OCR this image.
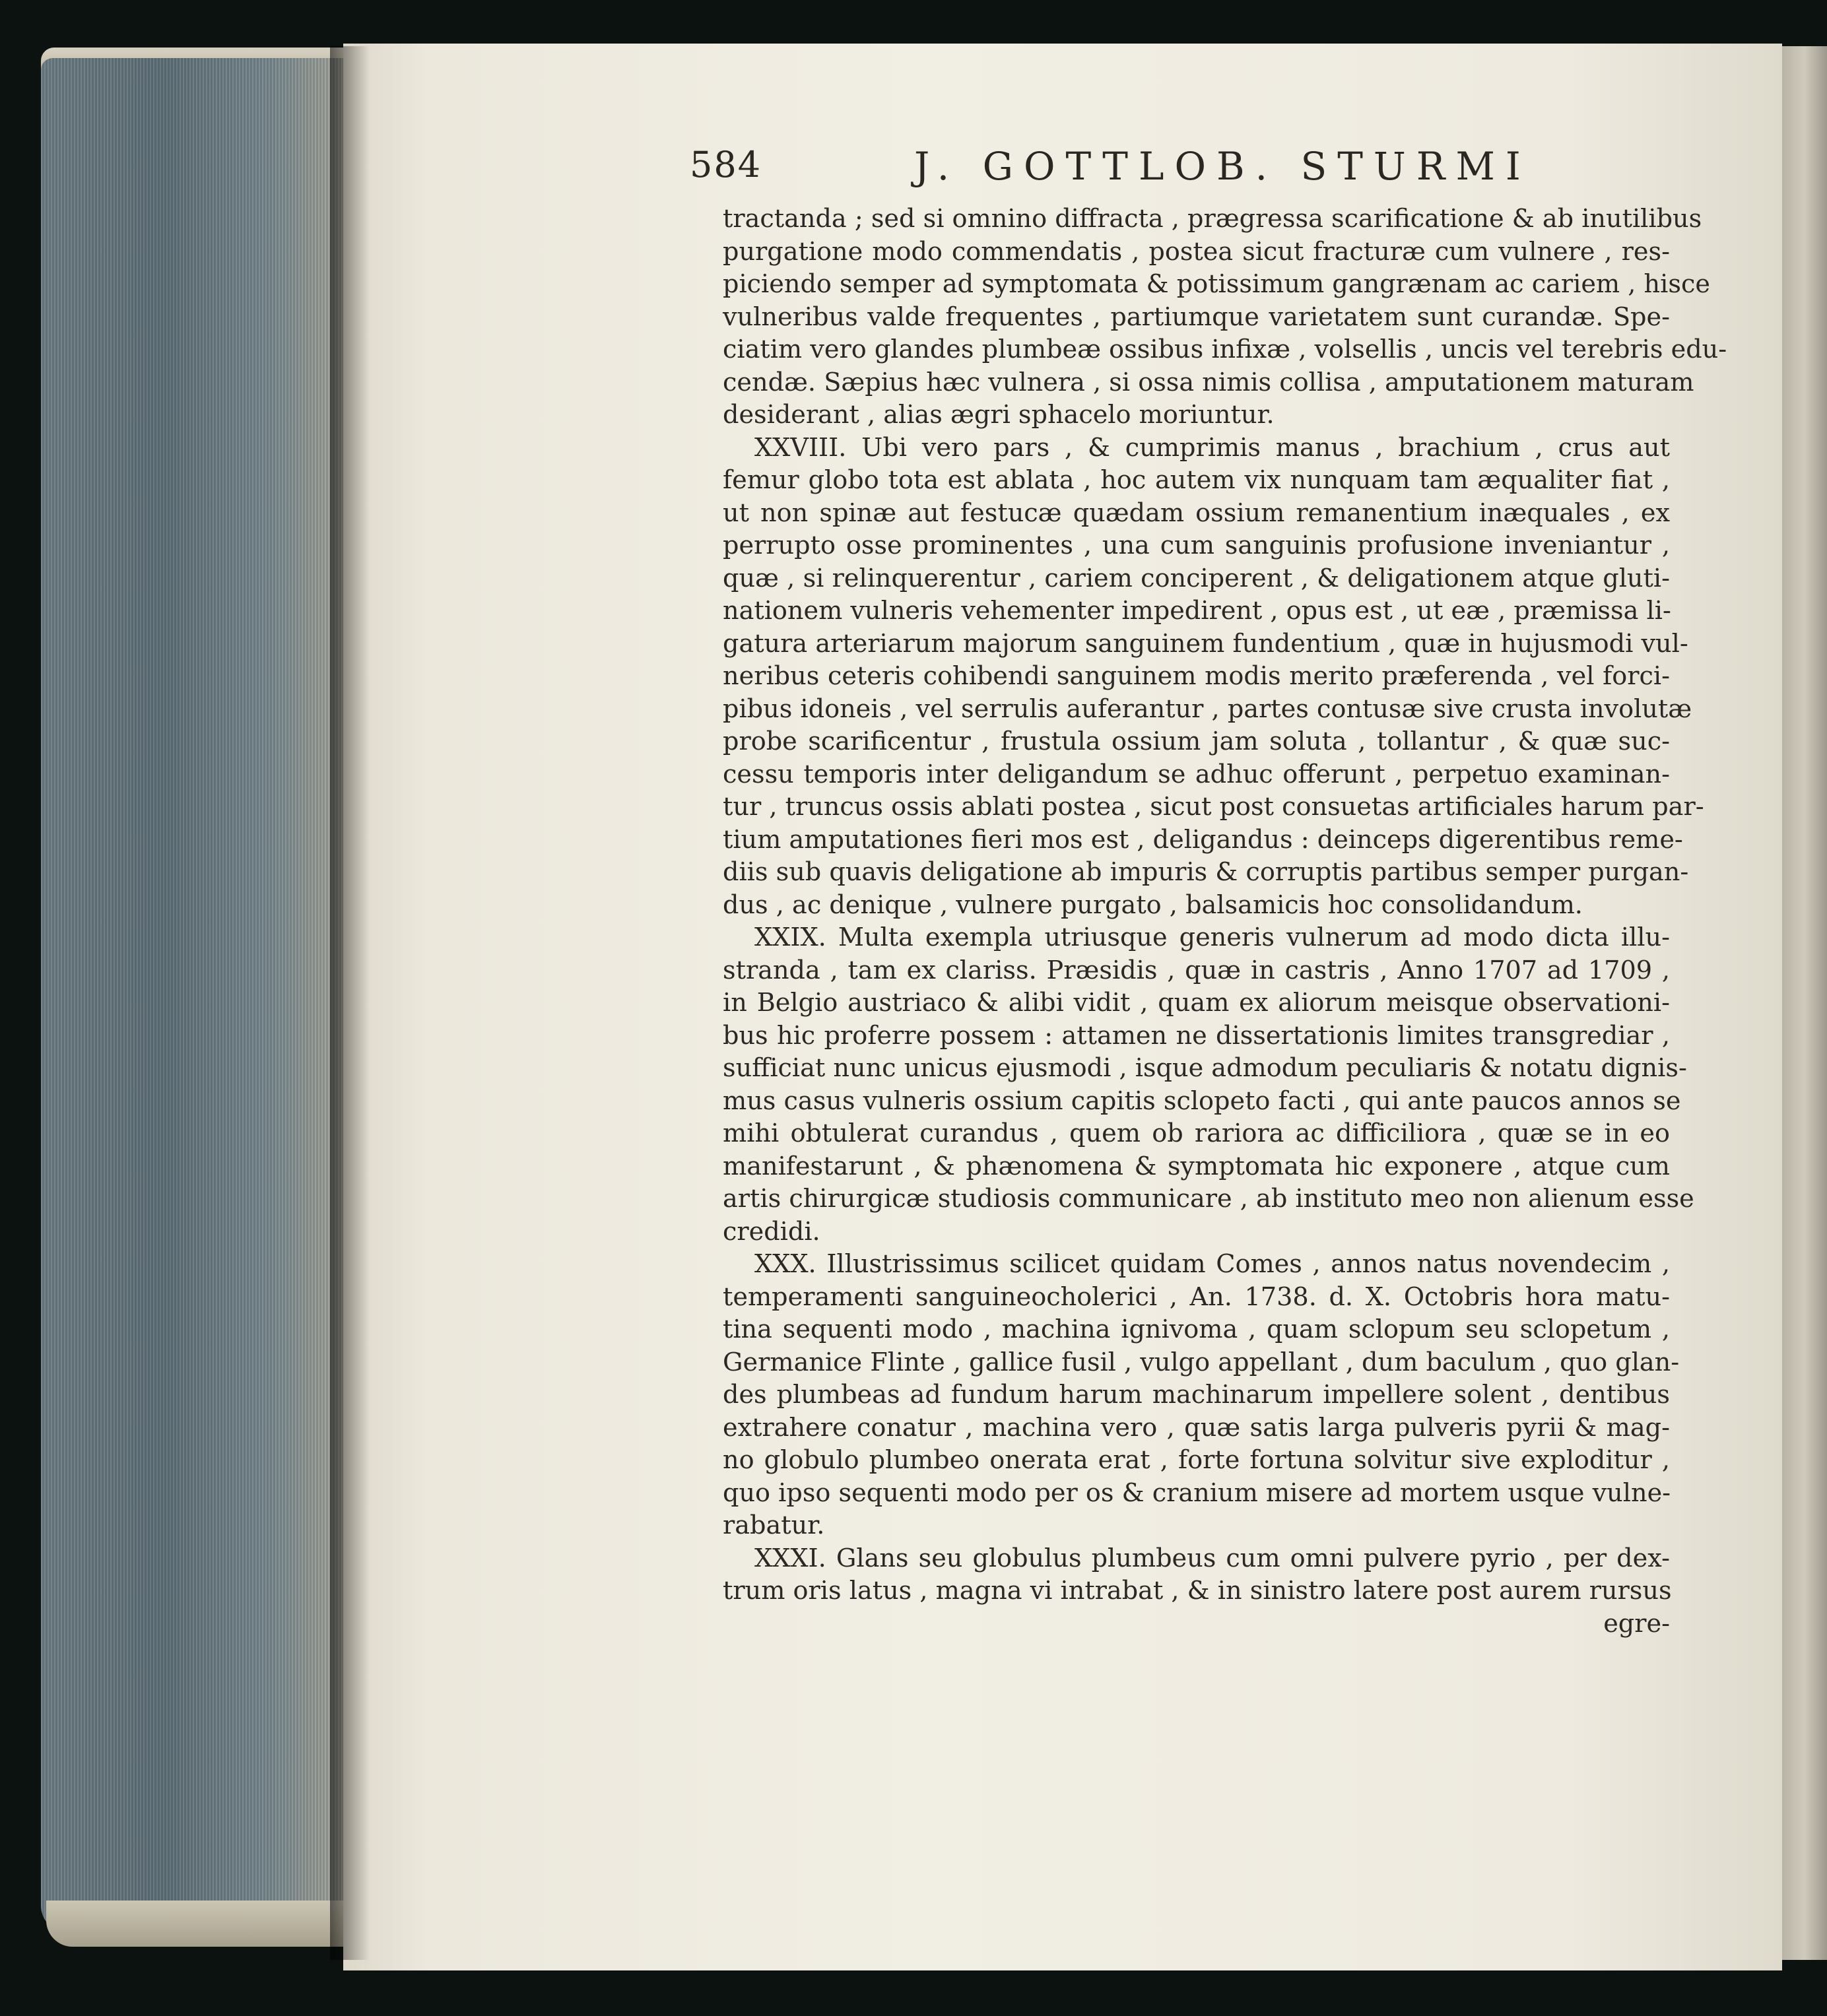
584	J. GOTTLOB. STURMI
tractanda ; sed si omnino diffracta , prægressa scarificatione & ab inutilibus
purgatione modo commendatis , postea sicut fracturæ cum vulnere , res-
piciendo semper ad symptomata & potissimum gangrænam ac cariem , hisce
vulneribus valde frequentes , partiumque varietatem sunt curandæ. Spe-
ciatim vero glandes plumbeæ ossibus infixæ , volsellis , uncis vel terebris edu-
cendæ. Sæpius hæc vulnera , si ossa nimis collisa , amputationem maturam
desiderant , alias ægri sphacelo moriuntur.
XXVIII. Ubi vero pars , & cumprimis manus , brachium , crus aut
femur globo tota est ablata , hoc autem vix nunquam tam æqualiter fiat ,
ut non spinæ aut festucæ quædam ossium remanentium inæquales , ex
perrupto osse prominentes , una cum sanguinis profusione inveniantur ,
quæ , si relinquerentur , cariem conciperent , & deligationem atque gluti-
nationem vulneris vehementer impedirent , opus est , ut eæ , præmissa li-
gatura arteriarum majorum sanguinem fundentium , quæ in hujusmodi vul-
neribus ceteris cohibendi sanguinem modis merito præferenda , vel forci-
pibus idoneis , vel serrulis auferantur , partes contusæ sive crusta involutæ
probe scarificentur , frustula ossium jam soluta , tollantur , & quæ suc-
cessu temporis inter deligandum se adhuc offerunt , perpetuo examinan-
tur , truncus ossis ablati postea , sicut post consuetas artificiales harum par-
tium amputationes fieri mos est , deligandus : deinceps digerentibus reme-
diis sub quavis deligatione ab impuris & corruptis partibus semper purgan-
dus , ac denique , vulnere purgato , balsamicis hoc consolidandum.
XXIX. Multa exempla utriusque generis vulnerum ad modo dicta illu-
stranda , tam ex clariss. Præsidis , quæ in castris , Anno 1707 ad 1709 ,
in Belgio austriaco & alibi vidit , quam ex aliorum meisque observationi-
bus hic proferre possem : attamen ne dissertationis limites transgrediar ,
sufficiat nunc unicus ejusmodi , isque admodum peculiaris & notatu dignis-
mus casus vulneris ossium capitis sclopeto facti , qui ante paucos annos se
mihi obtulerat curandus , quem ob rariora ac difficiliora , quæ se in eo
manifestarunt , & phænomena & symptomata hic exponere , atque cum
artis chirurgicæ studiosis communicare , ab instituto meo non alienum esse
credidi.
XXX. Illustrissimus scilicet quidam Comes , annos natus novendecim ,
temperamenti sanguineocholerici , An. 1738. d. X. Octobris hora matu-
tina sequenti modo , machina ignivoma , quam sclopum seu sclopetum ,
Germanice Flinte , gallice fusil , vulgo appellant , dum baculum , quo glan-
des plumbeas ad fundum harum machinarum impellere solent , dentibus
extrahere conatur , machina vero , quæ satis larga pulveris pyrii & mag-
no globulo plumbeo onerata erat , forte fortuna solvitur sive exploditur ,
quo ipso sequenti modo per os & cranium misere ad mortem usque vulne-
rabatur.
XXXI. Glans seu globulus plumbeus cum omni pulvere pyrio , per dex-
trum oris latus , magna vi intrabat , & in sinistro latere post aurem rursus
egre-
